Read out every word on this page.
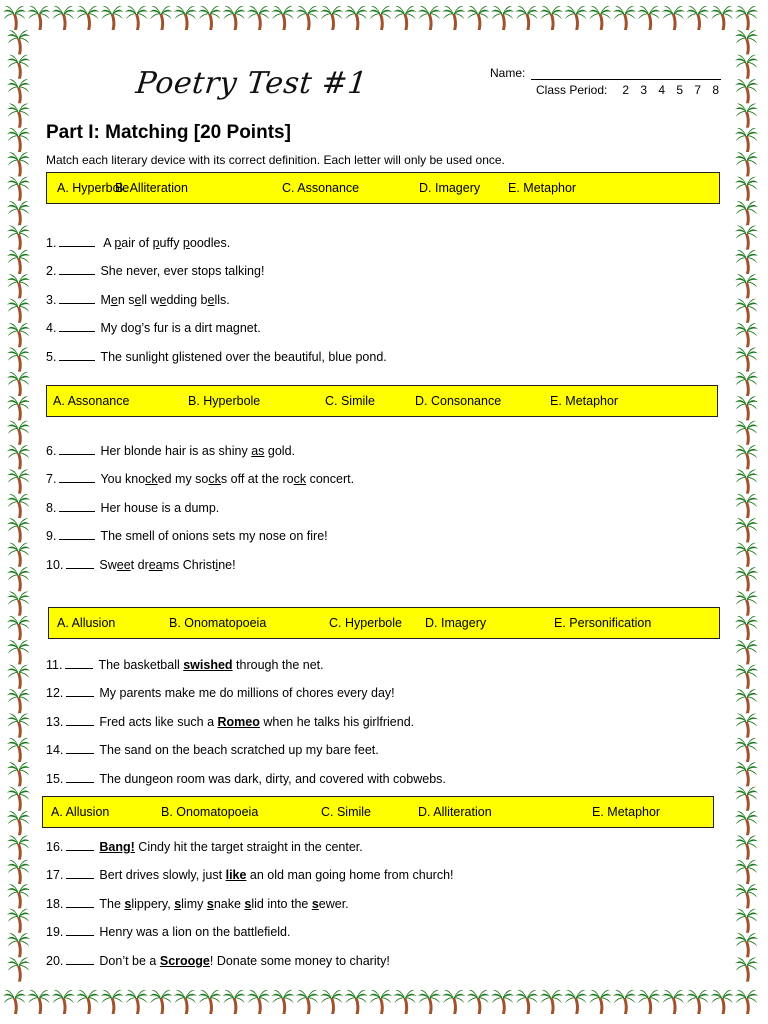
Poetry Test #1	Name:
Class Period: 2 3 4 5 7 8
Part I: Matching [20 Points]
Match each literary device with its correct definition. Each letter will only be used once.
A. Hyperbole
B. Alliteration	C. Assonance	D. Imagery E. Metaphor
A. Assonance	B. Hyperbole	C. Simile	D. Consonance	E. Metaphor
A. Allusion	B. Onomatopoeia	C. Hyperbole D. Imagery	E. Personification
A. Allusion	B. Onomatopoeia	C. Simile	D. Alliteration	E. Metaphor
1.	A pair of puffy poodles.
2.	She never, ever stops talking!
3.	Men sell wedding bells.
4.	My dog’s fur is a dirt magnet.
5.	The sunlight glistened over the beautiful, blue pond.
6.	Her blonde hair is as shiny as gold.
7.	You knocked my socks off at the rock concert.
8.	Her house is a dump.
9.	The smell of onions sets my nose on fire!
10.	Sweet dreams Christine!
11.	The basketball swished through the net.
12.	My parents make me do millions of chores every day!
13.	Fred acts like such a Romeo when he talks his girlfriend.
14.	The sand on the beach scratched up my bare feet.
15.	The dungeon room was dark, dirty, and covered with cobwebs.
16.	Bang! Cindy hit the target straight in the center.
17.	Bert drives slowly, just like an old man going home from church!
18.	The slippery, slimy snake slid into the sewer.
19.	Henry was a lion on the battlefield.
20.	Don’t be a Scrooge! Donate some money to charity!
